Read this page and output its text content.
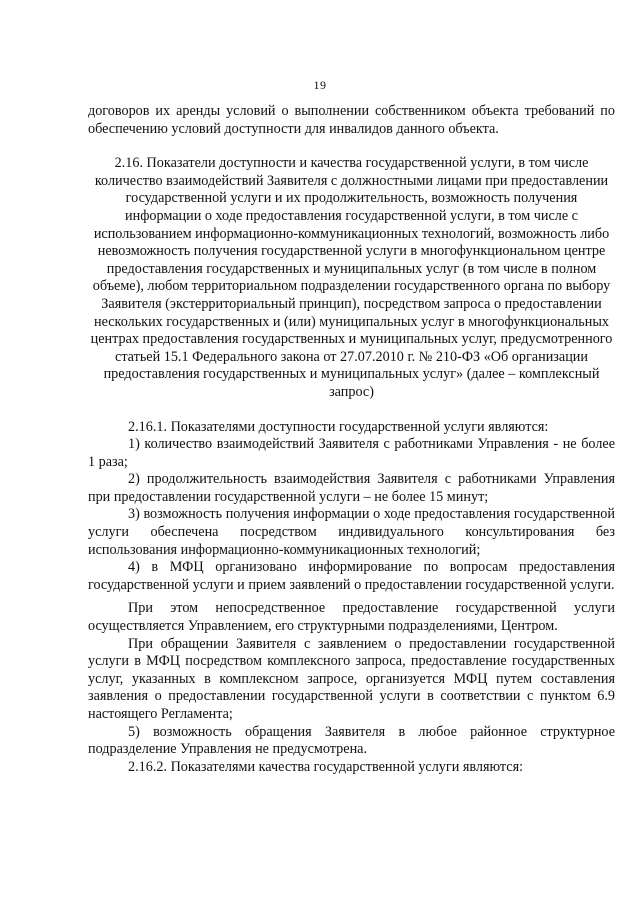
19

договоров их аренды условий о выполнении собственником объекта требований по обеспечению условий доступности для инвалидов данного объекта.

2.16. Показатели доступности и качества государственной услуги, в том числе количество взаимодействий Заявителя с должностными лицами при предоставлении государственной услуги и их продолжительность, возможность получения информации о ходе предоставления государственной услуги, в том числе с использованием информационно-коммуникационных технологий, возможность либо невозможность получения государственной услуги в многофункциональном центре предоставления государственных и муниципальных услуг (в том числе в полном объеме), любом территориальном подразделении государственного органа по выбору Заявителя (экстерриториальный принцип), посредством запроса о предоставлении нескольких государственных и (или) муниципальных услуг в многофункциональных центрах предоставления государственных и муниципальных услуг, предусмотренного статьей 15.1 Федерального закона от 27.07.2010 г. № 210-ФЗ «Об организации предоставления государственных и муниципальных услуг» (далее – комплексный запрос)

2.16.1. Показателями доступности государственной услуги являются:

1) количество взаимодействий Заявителя с работниками Управления - не более 1 раза;

2) продолжительность взаимодействия Заявителя с работниками Управления при предоставлении государственной услуги – не более 15 минут;

3) возможность получения информации о ходе предоставления государственной услуги обеспечена посредством индивидуального консультирования без использования информационно-коммуникационных технологий;

4) в МФЦ организовано информирование по вопросам предоставления государственной услуги и прием заявлений о предоставлении государственной услуги.

При этом непосредственное предоставление государственной услуги осуществляется Управлением, его структурными подразделениями, Центром.

При обращении Заявителя с заявлением о предоставлении государственной услуги в МФЦ посредством комплексного запроса, предоставление государственных услуг, указанных в комплексном запросе, организуется МФЦ путем составления заявления о предоставлении государственной услуги в соответствии с пунктом 6.9 настоящего Регламента;

5) возможность обращения Заявителя в любое районное структурное подразделение Управления не предусмотрена.

2.16.2. Показателями качества государственной услуги являются:
